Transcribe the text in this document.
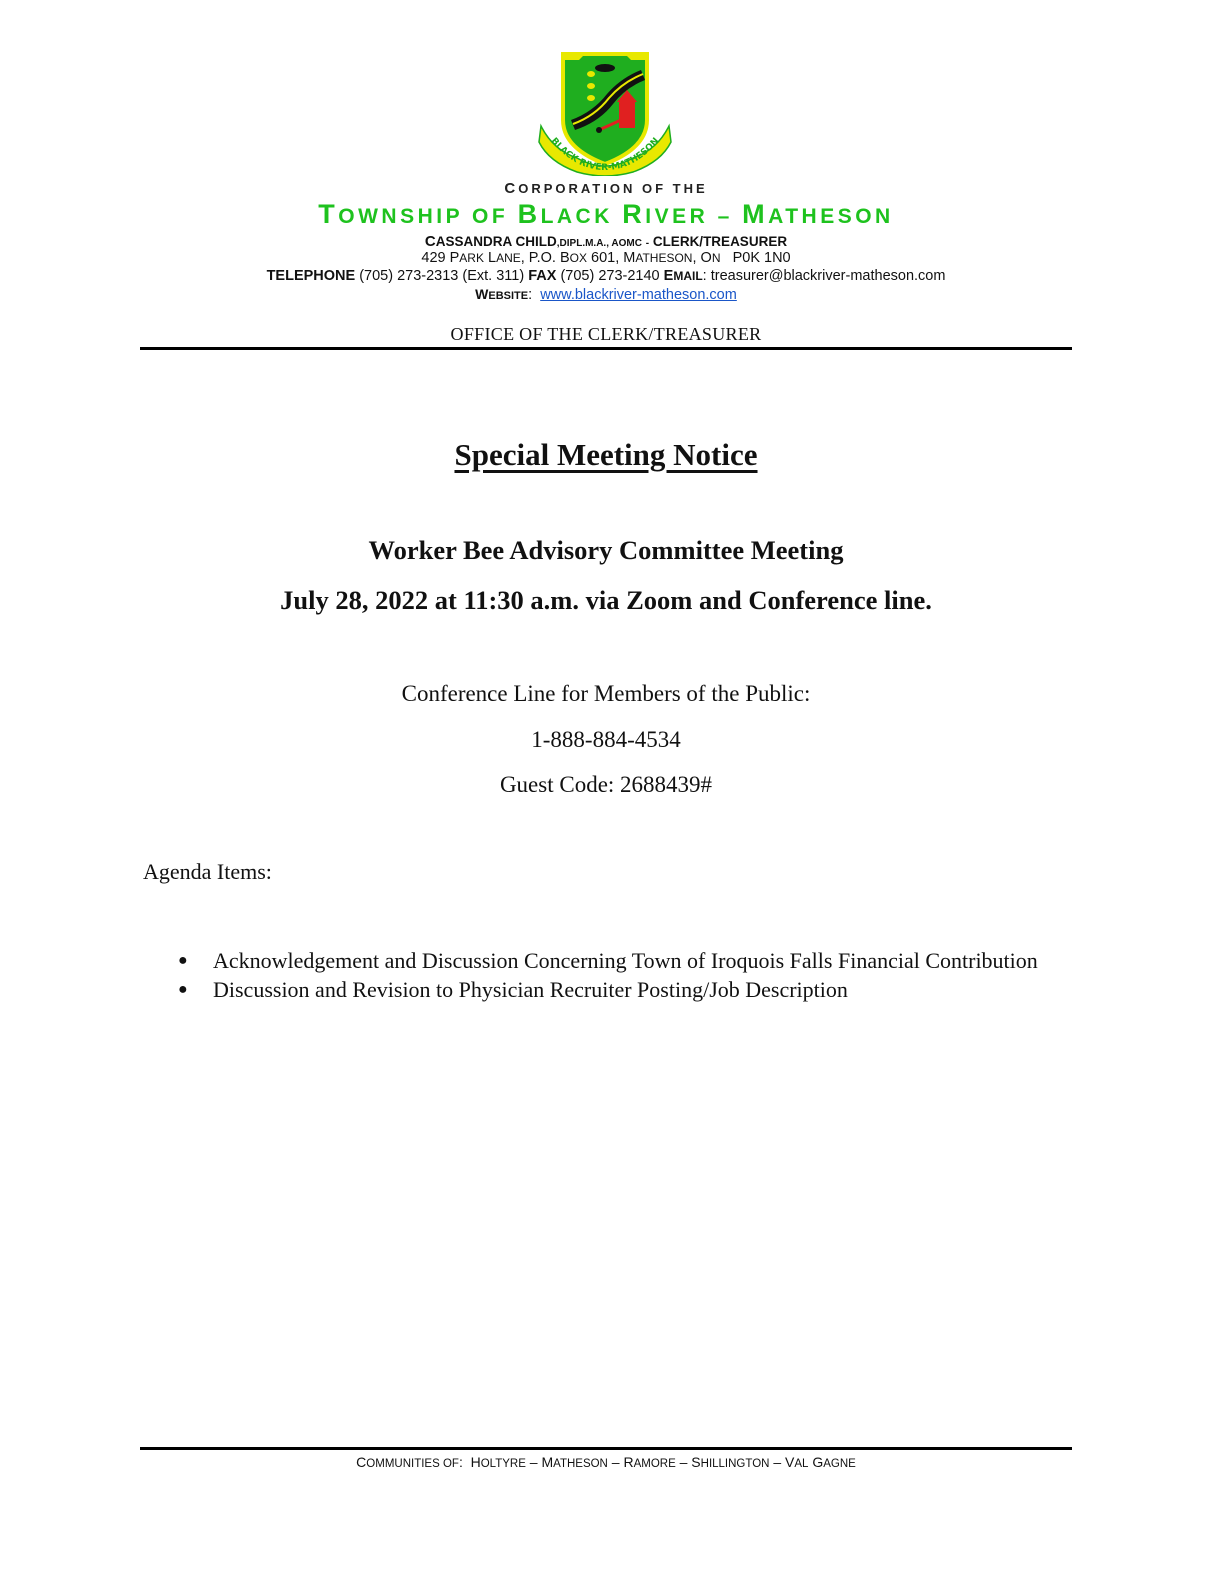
BLACK RIVER-MATHESON
CORPORATION OF THE
TOWNSHIP OF BLACK RIVER – MATHESON
CASSANDRA CHILD,DIPL.M.A., AOMC - CLERK/TREASURER
429 PARK LANE, P.O. BOX 601, MATHESON, ON   P0K 1N0
TELEPHONE (705) 273-2313 (Ext. 311) FAX (705) 273-2140 EMAIL: treasurer@blackriver-matheson.com
WEBSITE:  www.blackriver-matheson.com
OFFICE OF THE CLERK/TREASURER
Special Meeting Notice
Worker Bee Advisory Committee Meeting
July 28, 2022 at 11:30 a.m. via Zoom and Conference line.
Conference Line for Members of the Public:
1-888-884-4534
Guest Code: 2688439#
Agenda Items:
● Acknowledgement and Discussion Concerning Town of Iroquois Falls Financial Contribution
● Discussion and Revision to Physician Recruiter Posting/Job Description
COMMUNITIES OF:  HOLTYRE – MATHESON – RAMORE – SHILLINGTON – VAL GAGNE
